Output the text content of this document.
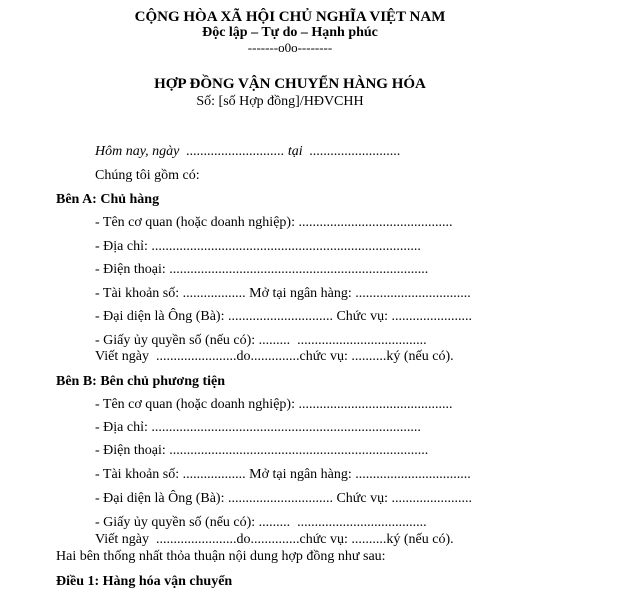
CỘNG HÒA XÃ HỘI CHỦ NGHĨA VIỆT NAM
Độc lập – Tự do – Hạnh phúc
-------o0o--------
HỢP ĐỒNG VẬN CHUYỂN HÀNG HÓA
Số: [số Hợp đồng]/HĐVCHH
Hôm nay, ngày  ............................ tại  ..........................
Chúng tôi gồm có:
Bên A: Chủ hàng
- Tên cơ quan (hoặc doanh nghiệp): ............................................
- Địa chỉ: .............................................................................
- Điện thoại: ..........................................................................
- Tài khoản số: .................. Mở tại ngân hàng: .................................
- Đại diện là Ông (Bà): .............................. Chức vụ: .......................
- Giấy ủy quyền số (nếu có): .........  .....................................
Viết ngày  .......................do..............chức vụ: ..........ký (nếu có).
Bên B: Bên chủ phương tiện
- Tên cơ quan (hoặc doanh nghiệp): ............................................
- Địa chỉ: .............................................................................
- Điện thoại: ..........................................................................
- Tài khoản số: .................. Mở tại ngân hàng: .................................
- Đại diện là Ông (Bà): .............................. Chức vụ: .......................
- Giấy ủy quyền số (nếu có): .........  .....................................
Viết ngày  .......................do..............chức vụ: ..........ký (nếu có).
Hai bên thống nhất thỏa thuận nội dung hợp đồng như sau:
Điều 1: Hàng hóa vận chuyển
